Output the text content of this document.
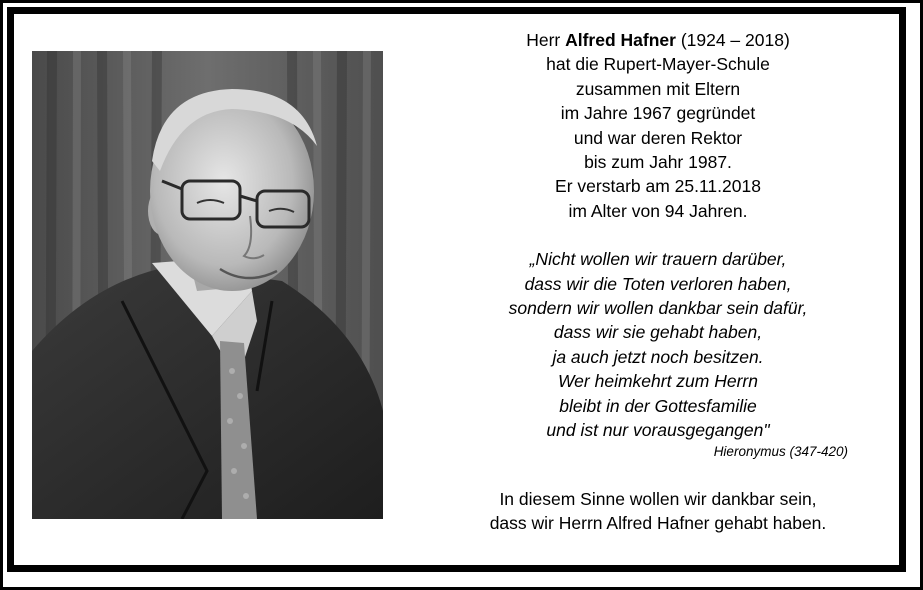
Herr Alfred Hafner (1924 – 2018)
hat die Rupert-Mayer-Schule
zusammen mit Eltern
im Jahre 1967 gegründet
und war deren Rektor
bis zum Jahr 1987.
Er verstarb am 25.11.2018
im Alter von 94 Jahren.
„Nicht wollen wir trauern darüber,
dass wir die Toten verloren haben,
sondern wir wollen dankbar sein dafür,
dass wir sie gehabt haben,
ja auch jetzt noch besitzen.
Wer heimkehrt zum Herrn
bleibt in der Gottesfamilie
und ist nur vorausgegangen"
Hieronymus (347-420)
In diesem Sinne wollen wir dankbar sein,
dass wir Herrn Alfred Hafner gehabt haben.
